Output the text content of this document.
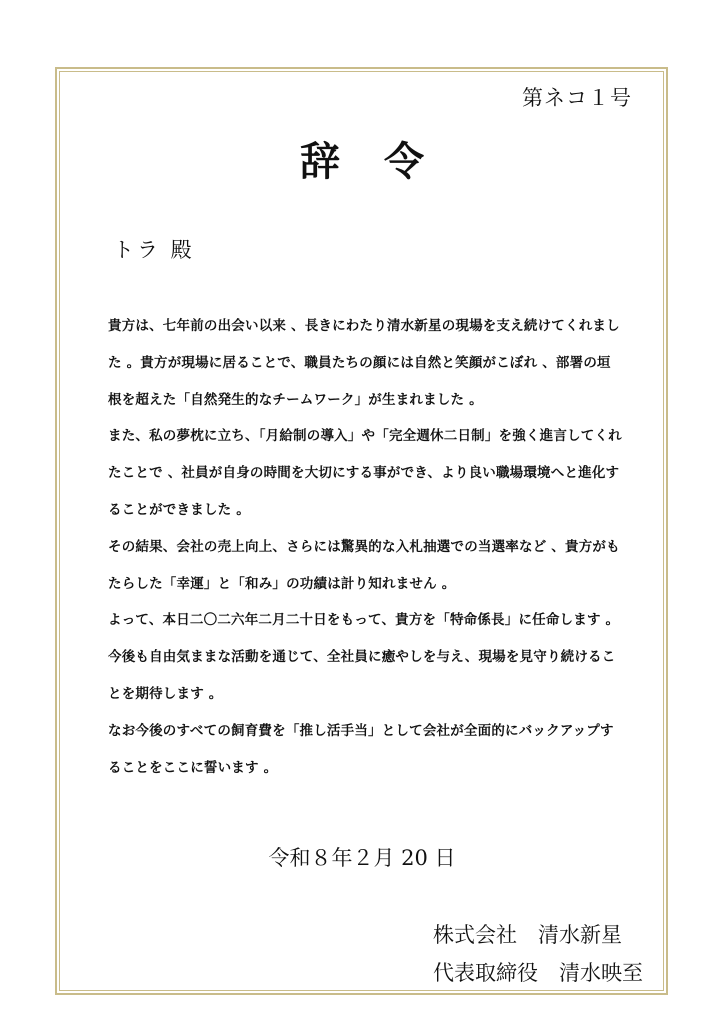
第ネコ１号
辞令
トラ 殿
貴方は、七年前の出会い以来 、長きにわたり清水新星の現場を支え続けてくれまし
た 。貴方が現場に居ることで、職員たちの顔には自然と笑顔がこぼれ 、部署の垣
根を超えた「自然発生的なチームワーク」が生まれました 。
また、私の夢枕に立ち、「月給制の導入」や「完全週休二日制」を強く進言してくれ
たことで 、社員が自身の時間を大切にする事ができ、より良い職場環境へと進化す
ることができました 。
その結果、会社の売上向上、さらには驚異的な入札抽選での当選率など 、貴方がも
たらした「幸運」と「和み」の功績は計り知れません 。
よって、本日二〇二六年二月二十日をもって、貴方を「特命係長」に任命します 。
今後も自由気ままな活動を通じて、全社員に癒やしを与え、現場を見守り続けるこ
とを期待します 。
なお今後のすべての飼育費を「推し活手当」として会社が全面的にバックアップす
ることをここに誓います 。
令和８年２月 20 日
株式会社　清水新星
代表取締役　清水映至
